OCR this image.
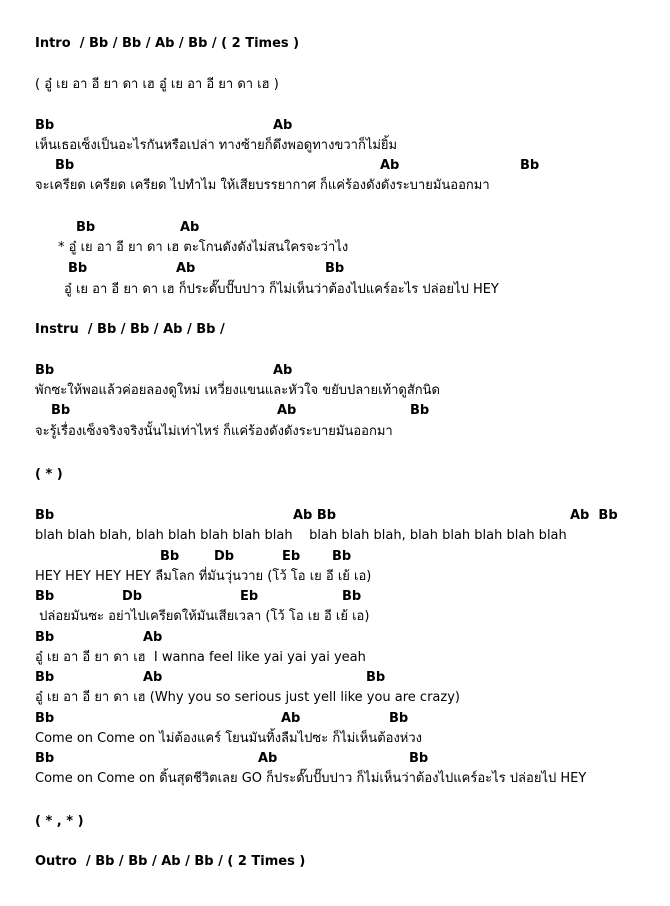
Intro  / Bb / Bb / Ab / Bb / ( 2 Times )
( อู๋ เย อา อี ยา ดา เฮ อู๋ เย อา อี ยา ดา เฮ )
Bb	Ab
เห็นเธอเซ็งเป็นอะไรกันหรือเปล่า ทางซ้ายก็ดึงพอดูทางขวาก็ไม่ยิ้ม
Bb	Ab	Bb
จะเครียด เครียด เครียด ไปทำไม ให้เสียบรรยากาศ ก็แค่ร้องดังดังระบายมันออกมา
Bb	Ab
* อู๋ เย อา อี ยา ดา เฮ ตะโกนดังดังไม่สนใครจะว่าไง
Bb	Ab	Bb
อู๋ เย อา อี ยา ดา เฮ ก็ประดั๊บปั๊บปาว ก็ไม่เห็นว่าต้องไปแคร์อะไร ปล่อยไป HEY
Instru  / Bb / Bb / Ab / Bb /
Bb	Ab
พักซะให้พอแล้วค่อยลองดูใหม่ เหวี่ยงแขนและหัวใจ ขยับปลายเท้าดูสักนิด
Bb	Ab	Bb
จะรู้เรื่องเซ็งจริงจริงนั้นไม่เท่าไหร่ ก็แค่ร้องดังดังระบายมันออกมา
( * )
Bb	Ab Bb	Ab  Bb
blah blah blah, blah blah blah blah blah    blah blah blah, blah blah blah blah blah
Bb	Db	Eb Bb
HEY HEY HEY HEY ลืมโลก ที่มันวุ่นวาย (โว้ โอ เย อี เย้ เอ)
Bb	Db	Eb	Bb
ปล่อยมันซะ อย่าไปเครียดให้มันเสียเวลา (โว้ โอ เย อี เย้ เอ)
Bb	Ab
อู๋ เย อา อี ยา ดา เฮ  I wanna feel like yai yai yai yeah
Bb	Ab	Bb
อู๋ เย อา อี ยา ดา เฮ (Why you so serious just yell like you are crazy)
Bb	Ab	Bb
Come on Come on ไม่ต้องแคร์ โยนมันทิ้งลืมไปซะ ก็ไม่เห็นต้องห่วง
Bb	Ab	Bb
Come on Come on ดิ้นสุดชีวิตเลย GO ก็ประดั๊บปั๊บปาว ก็ไม่เห็นว่าต้องไปแคร์อะไร ปล่อยไป HEY
( * , * )
Outro  / Bb / Bb / Ab / Bb / ( 2 Times )
